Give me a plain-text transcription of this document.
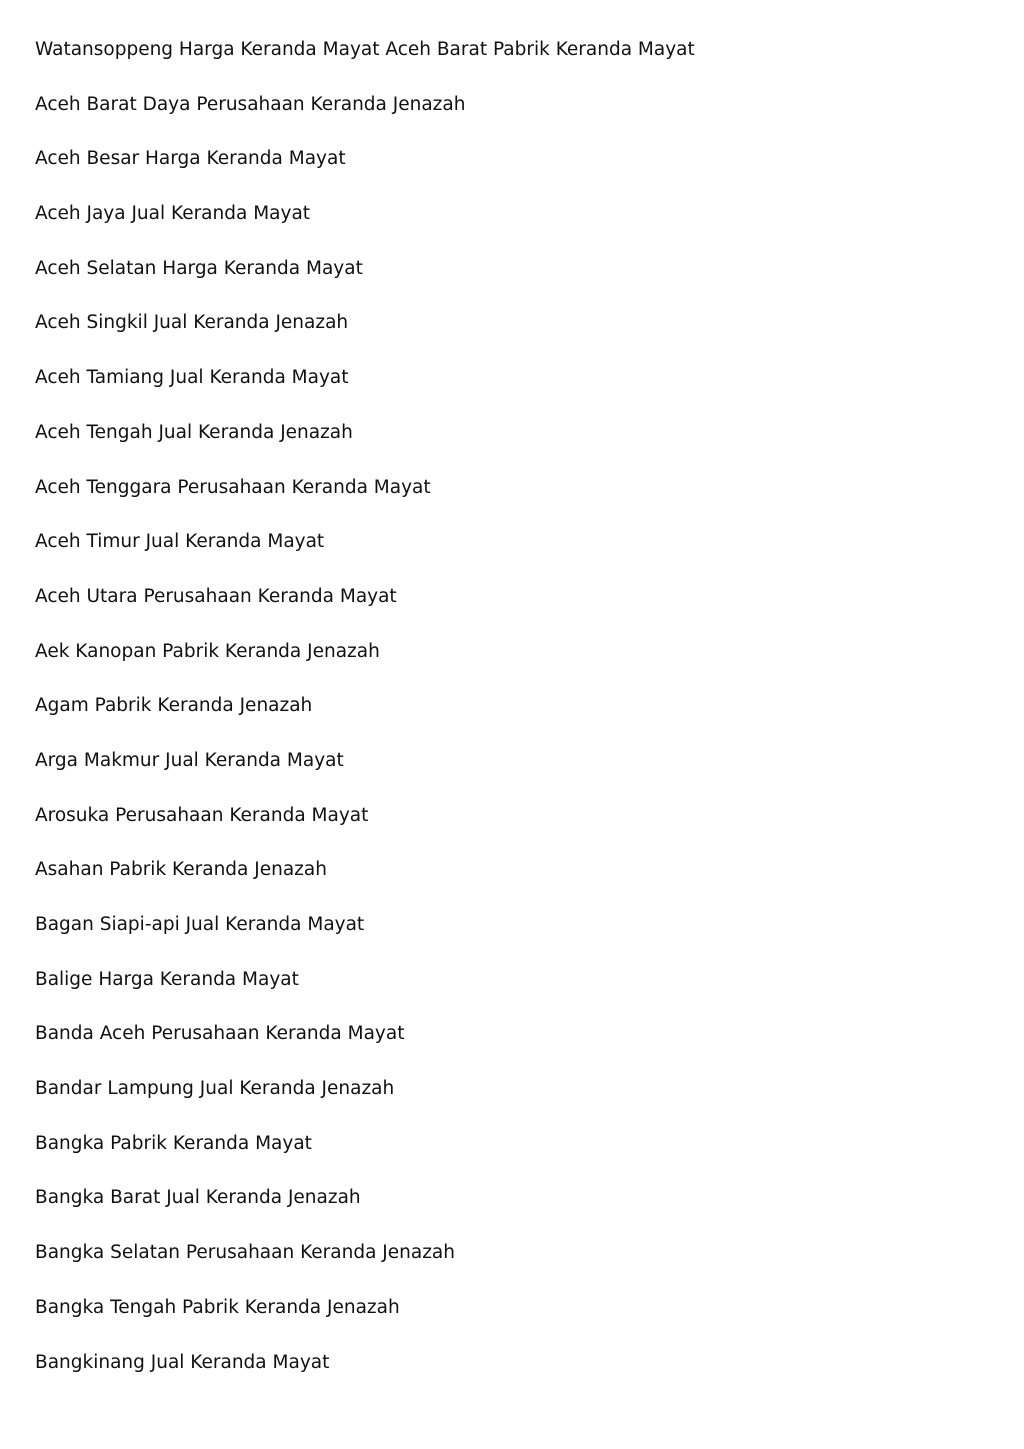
Watansoppeng Harga Keranda Mayat Aceh Barat Pabrik Keranda Mayat
Aceh Barat Daya Perusahaan Keranda Jenazah
Aceh Besar Harga Keranda Mayat
Aceh Jaya Jual Keranda Mayat
Aceh Selatan Harga Keranda Mayat
Aceh Singkil Jual Keranda Jenazah
Aceh Tamiang Jual Keranda Mayat
Aceh Tengah Jual Keranda Jenazah
Aceh Tenggara Perusahaan Keranda Mayat
Aceh Timur Jual Keranda Mayat
Aceh Utara Perusahaan Keranda Mayat
Aek Kanopan Pabrik Keranda Jenazah
Agam Pabrik Keranda Jenazah
Arga Makmur Jual Keranda Mayat
Arosuka Perusahaan Keranda Mayat
Asahan Pabrik Keranda Jenazah
Bagan Siapi-api Jual Keranda Mayat
Balige Harga Keranda Mayat
Banda Aceh Perusahaan Keranda Mayat
Bandar Lampung Jual Keranda Jenazah
Bangka Pabrik Keranda Mayat
Bangka Barat Jual Keranda Jenazah
Bangka Selatan Perusahaan Keranda Jenazah
Bangka Tengah Pabrik Keranda Jenazah
Bangkinang Jual Keranda Mayat
